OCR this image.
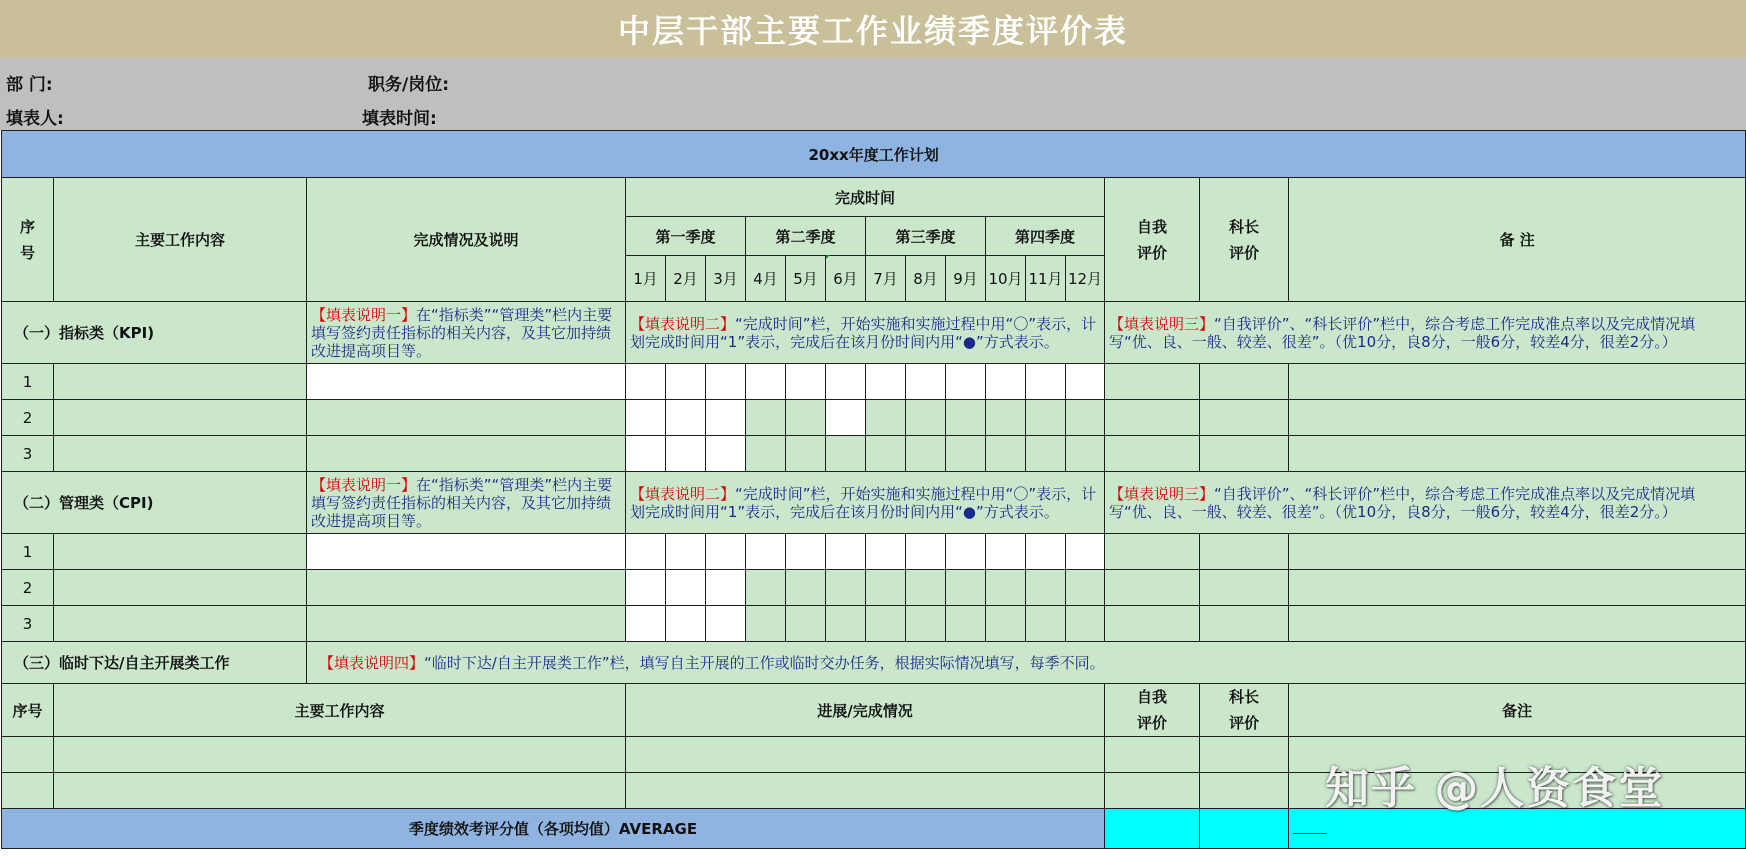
中层干部主要工作业绩季度评价表
部 门:	职务/岗位:
填表人:	填表时间:
20xx年度工作计划																	
序号	主要工作内容	完成情况及说明	完成时间												自我评价	科长评价	备 注
			第一季度			第二季度			第三季度			第四季度					
			1月	2月	3月	4月	5月	6月	7月	8月	9月	10月	11月	12月			
（一）指标类（KPI)		【填表说明一】在“指标类”“管理类”栏内主要填写签约责任指标的相关内容，及其它加持绩改进提高项目等。	【填表说明二】“完成时间”栏，开始实施和实施过程中用“〇”表示，计划完成时间用“1”表示，完成后在该月份时间内用“●”方式表示。												【填表说明三】“自我评价”、“科长评价”栏中，综合考虑工作完成准点率以及完成情况填写“优、良、一般、较差、很差”。（优10分，良8分，一般6分，较差4分，很差2分。）		
1																	
2																	
3																	
（二）管理类（CPI)		【填表说明一】在“指标类”“管理类”栏内主要填写签约责任指标的相关内容，及其它加持绩改进提高项目等。	【填表说明二】“完成时间”栏，开始实施和实施过程中用“〇”表示，计划完成时间用“1”表示，完成后在该月份时间内用“●”方式表示。												【填表说明三】“自我评价”、“科长评价”栏中，综合考虑工作完成准点率以及完成情况填写“优、良、一般、较差、很差”。（优10分，良8分，一般6分，较差4分，很差2分。）		
1																	
2																	
3																	
（三）临时下达/自主开展类工作		【填表说明四】“临时下达/自主开展类工作”栏，填写自主开展的工作或临时交办任务，根据实际情况填写，每季不同。															
序号	主要工作内容		进展/完成情况												自我评价	科长评价	备注

季度绩效考评分值（各项均值）AVERAGE																	
知乎 @人资食堂
